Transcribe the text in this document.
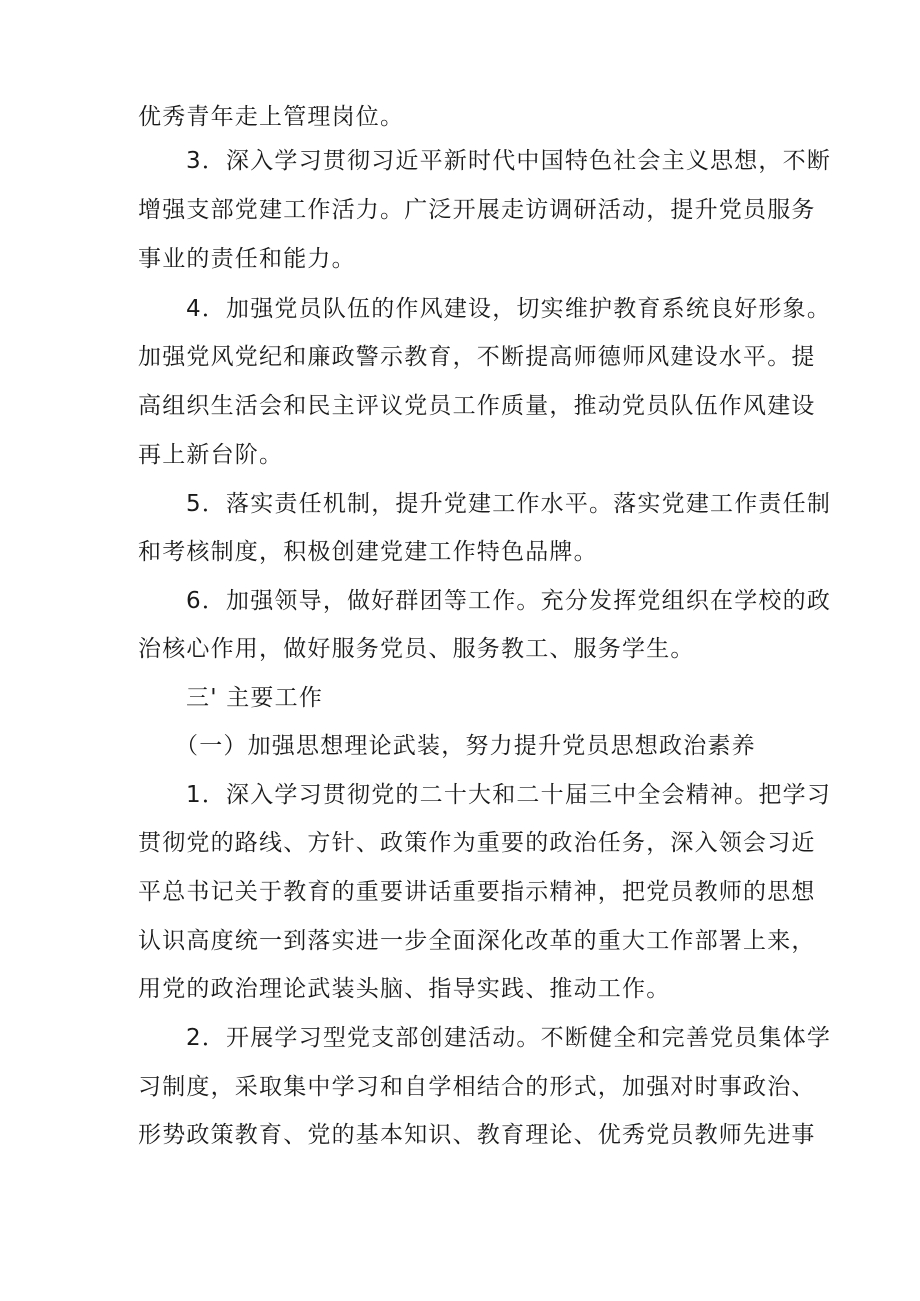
优秀青年走上管理岗位。
3．深入学习贯彻习近平新时代中国特色社会主义思想，不断
增强支部党建工作活力。广泛开展走访调研活动，提升党员服务
事业的责任和能力。
4．加强党员队伍的作风建设，切实维护教育系统良好形象。
加强党风党纪和廉政警示教育，不断提高师德师风建设水平。提
高组织生活会和民主评议党员工作质量，推动党员队伍作风建设
再上新台阶。
5．落实责任机制，提升党建工作水平。落实党建工作责任制
和考核制度，积极创建党建工作特色品牌。
6．加强领导，做好群团等工作。充分发挥党组织在学校的政
治核心作用，做好服务党员、服务教工、服务学生。
三' 主要工作
（一）加强思想理论武装，努力提升党员思想政治素养
1．深入学习贯彻党的二十大和二十届三中全会精神。把学习
贯彻党的路线、方针、政策作为重要的政治任务，深入领会习近
平总书记关于教育的重要讲话重要指示精神，把党员教师的思想
认识高度统一到落实进一步全面深化改革的重大工作部署上来，
用党的政治理论武装头脑、指导实践、推动工作。
2．开展学习型党支部创建活动。不断健全和完善党员集体学
习制度，采取集中学习和自学相结合的形式，加强对时事政治、
形势政策教育、党的基本知识、教育理论、优秀党员教师先进事
